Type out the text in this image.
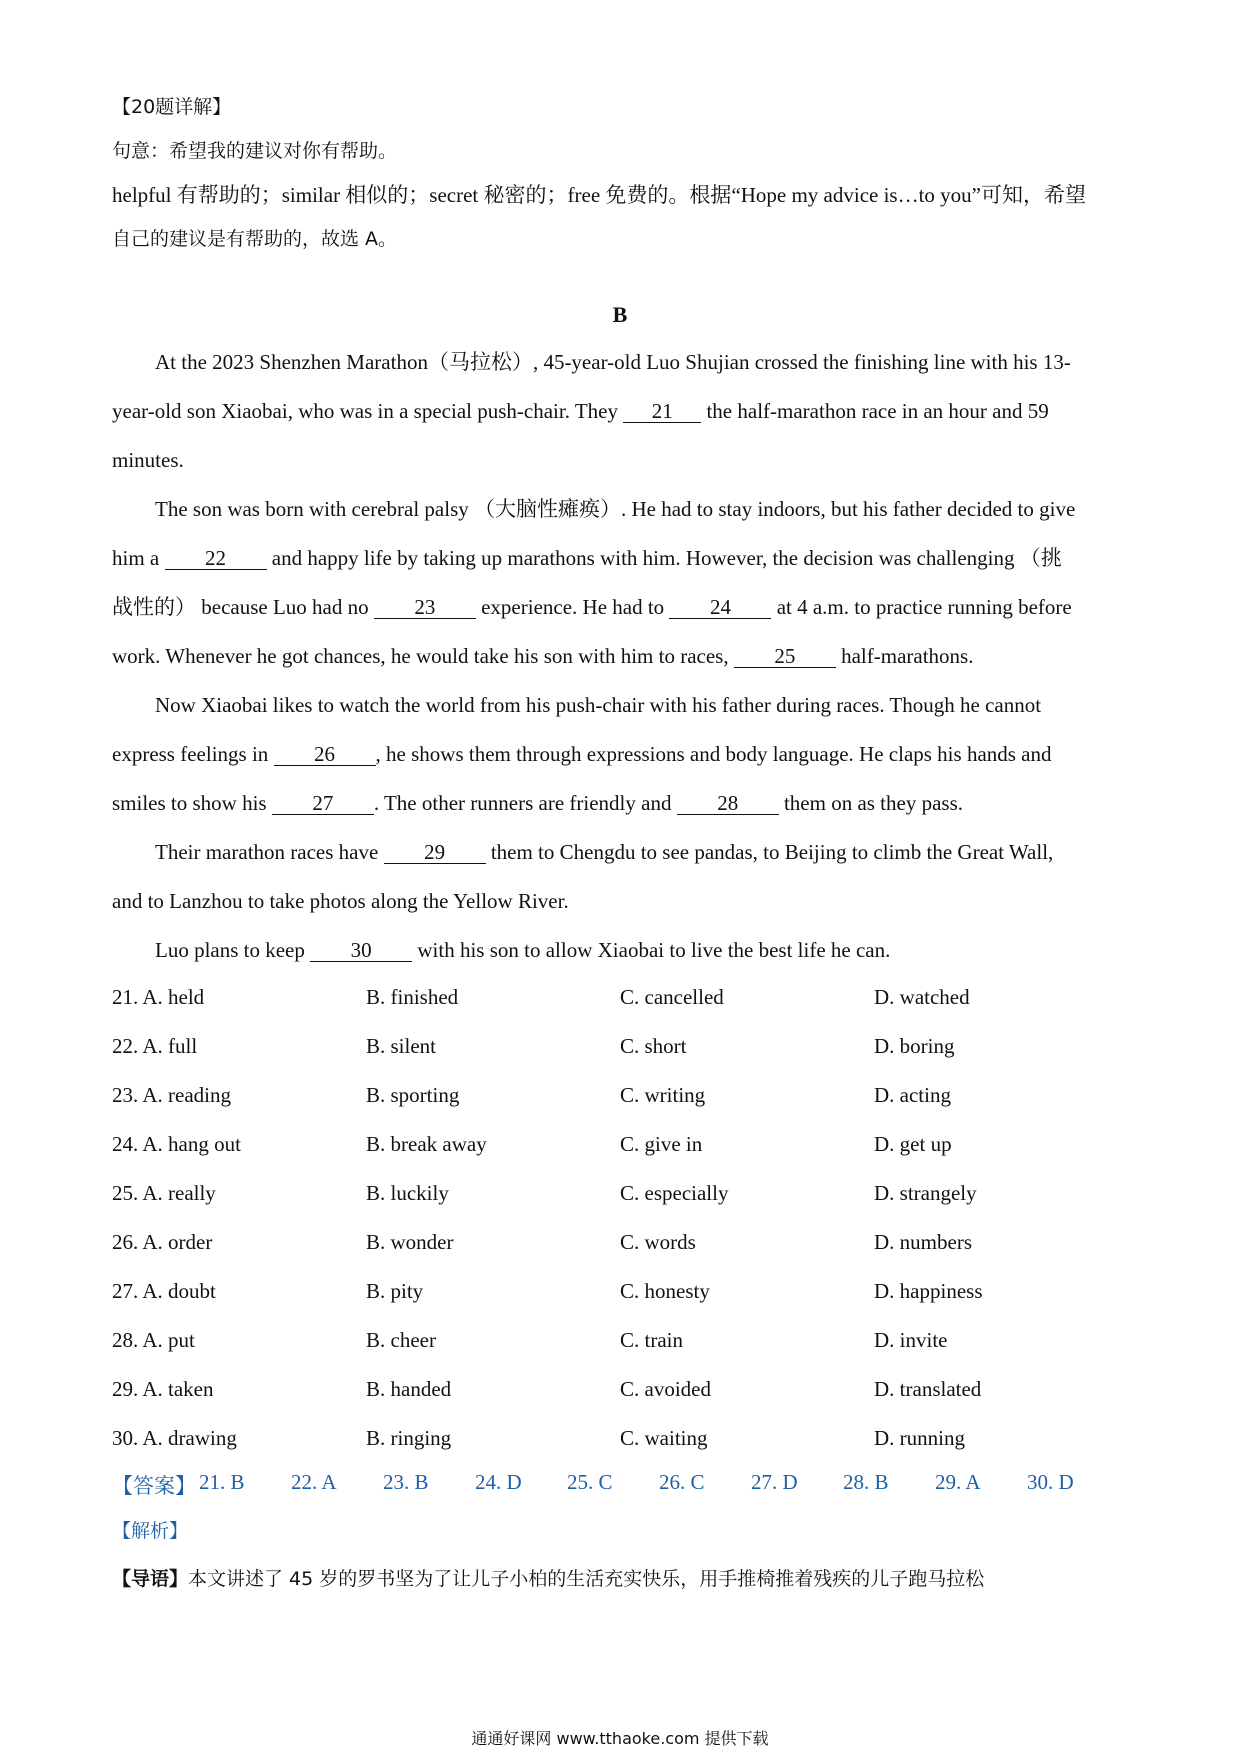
【20题详解】
句意：希望我的建议对你有帮助。
helpful 有帮助的；similar 相似的；secret 秘密的；free 免费的。根据“Hope my advice is…to you”可知，希望
自己的建议是有帮助的，故选 A。
B
At the 2023 Shenzhen Marathon（马拉松）, 45-year-old Luo Shujian crossed the finishing line with his 13-
year-old son Xiaobai, who was in a special push-chair. They 21 the half-marathon race in an hour and 59
minutes.
The son was born with cerebral palsy （大脑性瘫痪）. He had to stay indoors, but his father decided to give
him a 22 and happy life by taking up marathons with him. However, the decision was challenging （挑
战性的） because Luo had no 23 experience. He had to 24 at 4 a.m. to practice running before
work. Whenever he got chances, he would take his son with him to races, 25 half-marathons.
Now Xiaobai likes to watch the world from his push-chair with his father during races. Though he cannot
express feelings in 26 , he shows them through expressions and body language. He claps his hands and
smiles to show his 27 . The other runners are friendly and 28 them on as they pass.
Their marathon races have 29 them to Chengdu to see pandas, to Beijing to climb the Great Wall,
and to Lanzhou to take photos along the Yellow River.
Luo plans to keep 30 with his son to allow Xiaobai to live the best life he can.
21. A. held	B. finished	C. cancelled	D. watched
22. A. full	B. silent	C. short	D. boring
23. A. reading	B. sporting	C. writing	D. acting
24. A. hang out	B. break away	C. give in	D. get up
25. A. really	B. luckily	C. especially	D. strangely
26. A. order	B. wonder	C. words	D. numbers
27. A. doubt	B. pity	C. honesty	D. happiness
28. A. put	B. cheer	C. train	D. invite
29. A. taken	B. handed	C. avoided	D. translated
30. A. drawing	B. ringing	C. waiting	D. running
【答案】 21. B 22. A 23. B 24. D 25. C 26. C 27. D 28. B 29. A 30. D
【解析】
【导语】本文讲述了 45 岁的罗书坚为了让儿子小柏的生活充实快乐，用手推椅推着残疾的儿子跑马拉松
通通好课网 www.tthaoke.com 提供下载
